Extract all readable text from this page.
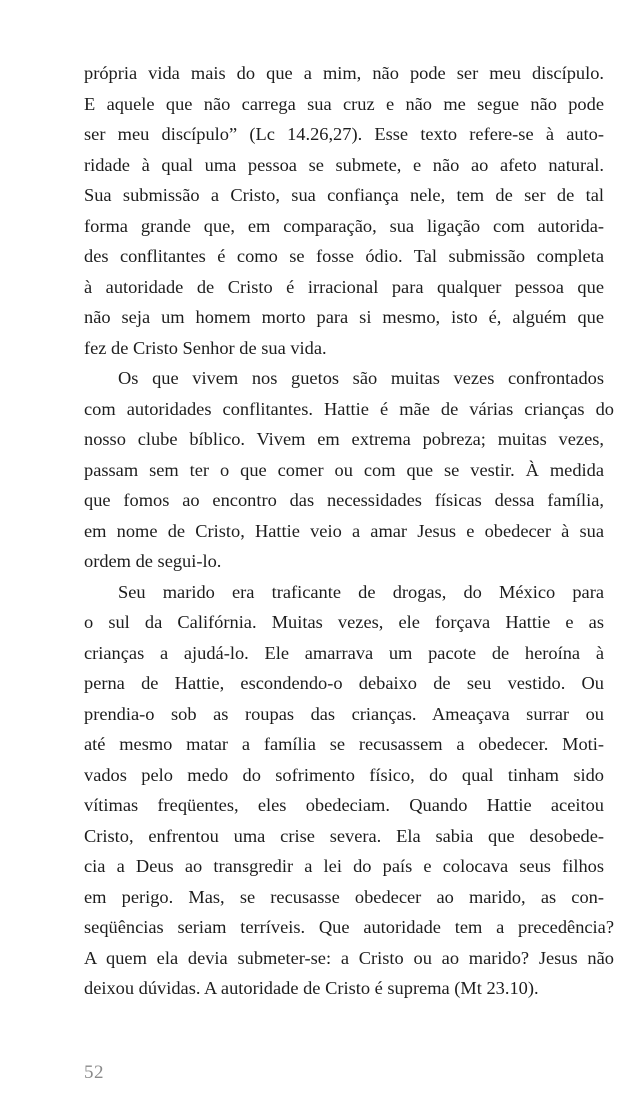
própria vida mais do que a mim, não pode ser meu discípulo.
E aquele que não carrega sua cruz e não me segue não pode
ser meu discípulo” (Lc 14.26,27). Esse texto refere-se à auto-
ridade à qual uma pessoa se submete, e não ao afeto natural.
Sua submissão a Cristo, sua confiança nele, tem de ser de tal
forma grande que, em comparação, sua ligação com autorida-
des conflitantes é como se fosse ódio. Tal submissão completa
à autoridade de Cristo é irracional para qualquer pessoa que
não seja um homem morto para si mesmo, isto é, alguém que
fez de Cristo Senhor de sua vida.
Os que vivem nos guetos são muitas vezes confrontados
com autoridades conflitantes. Hattie é mãe de várias crianças do
nosso clube bíblico. Vivem em extrema pobreza; muitas vezes,
passam sem ter o que comer ou com que se vestir. À medida
que fomos ao encontro das necessidades físicas dessa família,
em nome de Cristo, Hattie veio a amar Jesus e obedecer à sua
ordem de segui-lo.
Seu marido era traficante de drogas, do México para
o sul da Califórnia. Muitas vezes, ele forçava Hattie e as
crianças a ajudá-lo. Ele amarrava um pacote de heroína à
perna de Hattie, escondendo-o debaixo de seu vestido. Ou
prendia-o sob as roupas das crianças. Ameaçava surrar ou
até mesmo matar a família se recusassem a obedecer. Moti-
vados pelo medo do sofrimento físico, do qual tinham sido
vítimas freqüentes, eles obedeciam. Quando Hattie aceitou
Cristo, enfrentou uma crise severa. Ela sabia que desobede-
cia a Deus ao transgredir a lei do país e colocava seus filhos
em perigo. Mas, se recusasse obedecer ao marido, as con-
seqüências seriam terríveis. Que autoridade tem a precedência?
A quem ela devia submeter-se: a Cristo ou ao marido? Jesus não
deixou dúvidas. A autoridade de Cristo é suprema (Mt 23.10).
52
